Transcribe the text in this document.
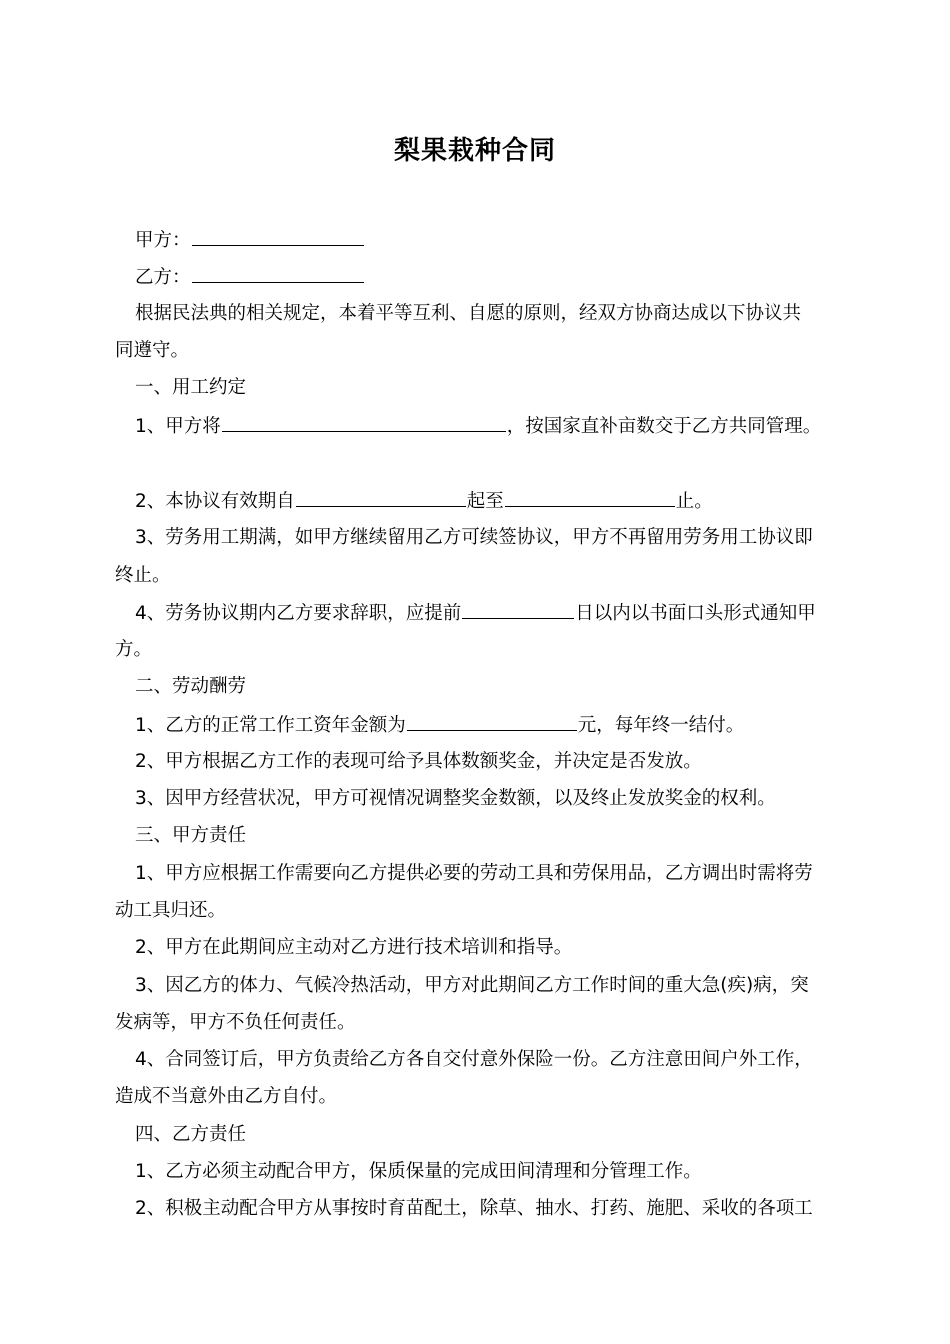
梨果栽种合同
甲方：
乙方：
根据民法典的相关规定，本着平等互利、自愿的原则，经双方协商达成以下协议共
同遵守。
一、用工约定
1、甲方将	，按国家直补亩数交于乙方共同管理。
2、本协议有效期自	起至	止。
3、劳务用工期满，如甲方继续留用乙方可续签协议，甲方不再留用劳务用工协议即
终止。
4、劳务协议期内乙方要求辞职，应提前	日以内以书面口头形式通知甲
方。
二、劳动酬劳
1、乙方的正常工作工资年金额为	元，每年终一结付。
2、甲方根据乙方工作的表现可给予具体数额奖金，并决定是否发放。
3、因甲方经营状况，甲方可视情况调整奖金数额，以及终止发放奖金的权利。
三、甲方责任
1、甲方应根据工作需要向乙方提供必要的劳动工具和劳保用品，乙方调出时需将劳
动工具归还。
2、甲方在此期间应主动对乙方进行技术培训和指导。
3、因乙方的体力、气候冷热活动，甲方对此期间乙方工作时间的重大急(疾)病，突
发病等，甲方不负任何责任。
4、合同签订后，甲方负责给乙方各自交付意外保险一份。乙方注意田间户外工作，
造成不当意外由乙方自付。
四、乙方责任
1、乙方必须主动配合甲方，保质保量的完成田间清理和分管理工作。
2、积极主动配合甲方从事按时育苗配土，除草、抽水、打药、施肥、采收的各项工
